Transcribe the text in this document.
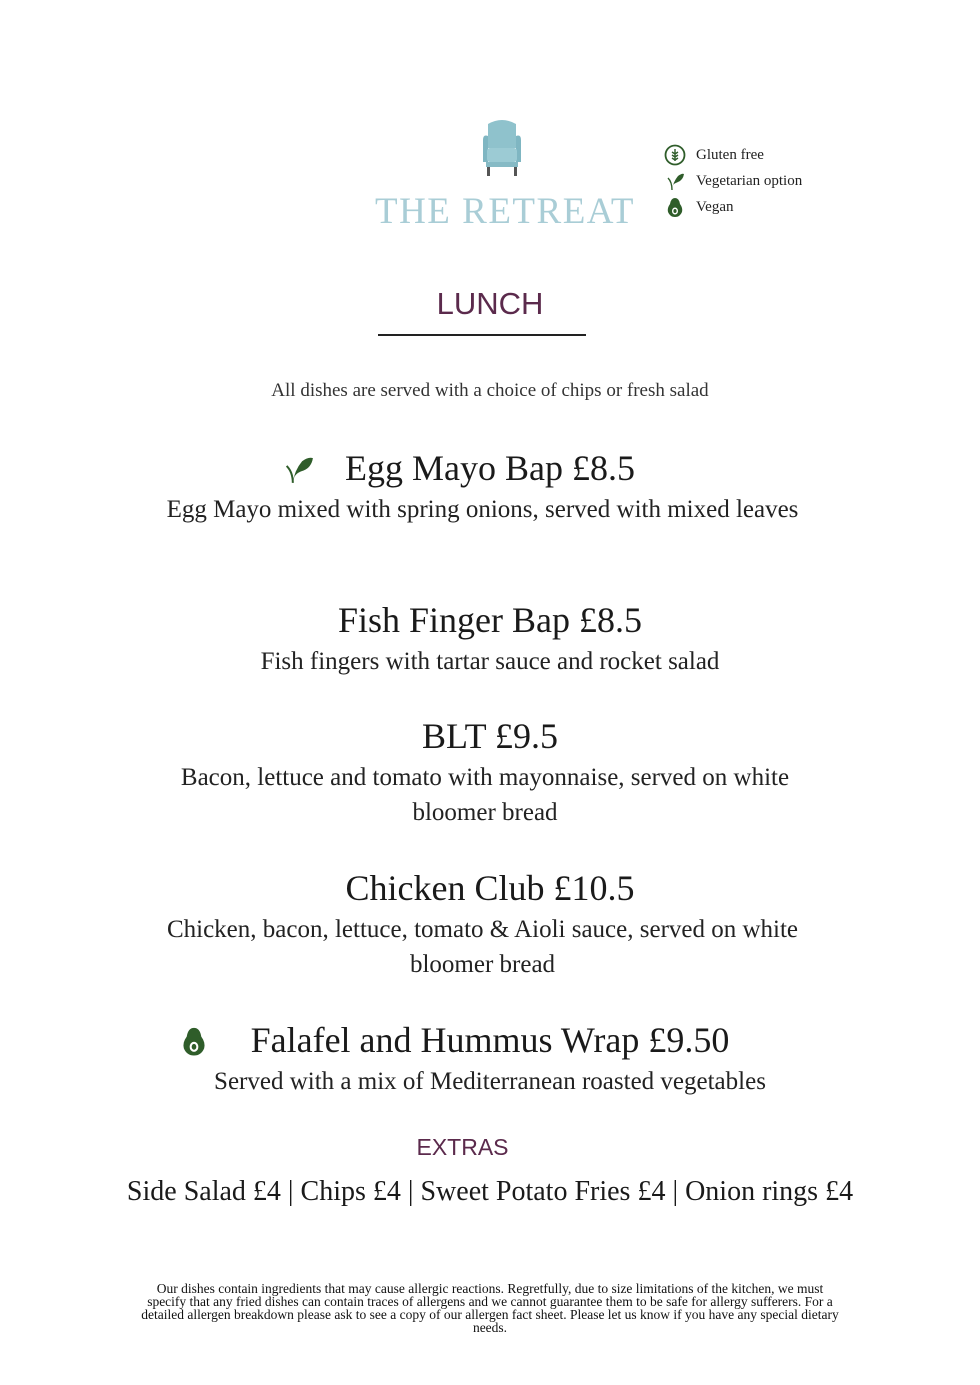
THE RETREAT
Gluten free
Vegetarian option
Vegan
LUNCH
All dishes are served with a choice of chips or fresh salad
Egg Mayo Bap £8.5
Egg Mayo mixed with spring onions, served with mixed leaves
Fish Finger Bap £8.5
Fish fingers with tartar sauce and rocket salad
BLT £9.5
Bacon, lettuce and tomato with mayonnaise, served on white bloomer bread
Chicken Club £10.5
Chicken, bacon, lettuce, tomato & Aioli sauce, served on white bloomer bread
Falafel and Hummus Wrap £9.50
Served with a mix of Mediterranean roasted vegetables
EXTRAS
Side Salad £4 | Chips £4 | Sweet Potato Fries £4 | Onion rings £4
Our dishes contain ingredients that may cause allergic reactions. Regretfully, due to size limitations of the kitchen, we must specify that any fried dishes can contain traces of allergens and we cannot guarantee them to be safe for allergy sufferers. For a detailed allergen breakdown please ask to see a copy of our allergen fact sheet. Please let us know if you have any special dietary needs.
